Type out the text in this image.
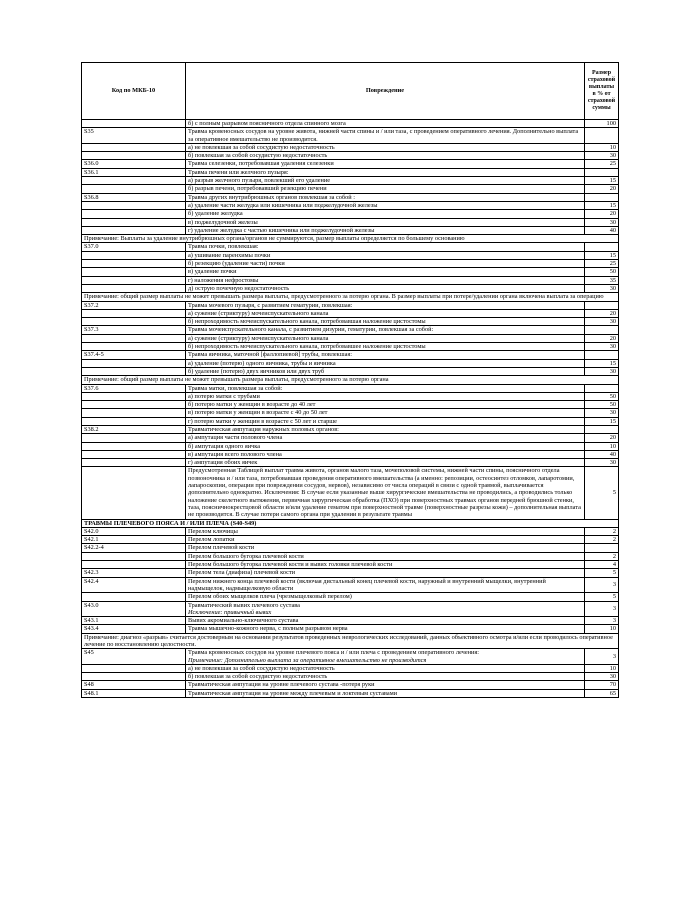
Код по МКБ-10	Повреждение	Размер страховой выплаты в % от страховой суммы

	б) с полным разрывом поясничного отдела спинного мозга	100
S35	Травма кровеносных сосудов на уровне живота, нижней части спины и / или таза, с проведением оперативного лечения. Дополнительно выплата за оперативное вмешательство не производится.	

	а) не повлекшая за собой сосудистую недостаточность	10

	б) повлекшая за собой сосудистую недостаточность	30
S36.0	Травма селезенки, потребовавшая удаления селезенки	25
S36.1	Травма печени или желчного пузыря:	

	а) разрыв желчного пузыря, повлекший его удаление	15

	б) разрыв печени, потребовавший резекцию печени	20
S36.8	Травма других внутрибрюшных органов повлекшая за собой :	

	а) удаление части желудка или кишечника или поджелудочной железы	15

	б) удаление желудка	20

	в) поджелудочной железы	30

	г) удаление желудка с частью кишечника или поджелудочной железы	40
Примечание: Выплаты за удаление внутрибрюшных органа/органов не суммируются, размер выплаты определяется по большему основанию		
S37.0	Травма почки, повлекшая:	

	а) ушивание паренхимы почки	15

	б) резекцию (удаление части) почки	25

	в) удаление почки	50

	г) наложения нефростомы	35

	д) острую почечную недостаточность	30
Примечание: общий размер выплаты не может превышать размера выплаты, предусмотренного за потерю органа. В размер выплаты при потере/удалении органа включена выплата за операцию		
S37.2	Травма мочевого пузыря, с развитием гематурии, повлекшая:	

	а) сужение (стриктуру) мочеиспускательного канала	20

	б) непроходимость мочеиспускательного канала, потребовавшая наложение цистостомы	30
S37.3	Травма мочеиспускательного канала, с развитием дизурии, гематурии, повлекшая за собой:	

	а) сужение (стриктуру) мочеиспускательного канала	20

	б) непроходимость мочеиспускательного канала, потребовавшее наложение цистостомы	30
S37.4-5	Травма яичника, маточной [фаллопиевой] трубы, повлекшая:	

	а) удаление (потерю) одного яичника, трубы и яичника	15

	б) удаление (потерю) двух яичников или двух труб	30
Примечание: общий размер выплаты не может превышать размера выплаты, предусмотренного за потерю органа		
S37.6	Травма матки, повлекшая за собой:	

	а) потерю матки с трубами	50

	б) потерю матки у женщин в возрасте до 40 лет	50

	в) потерю матки у женщин в возрасте с 40 до 50 лет	30

	г) потерю матки у женщин в возрасте с 50 лет и старше	15
S38.2	Травматическая ампутация наружных половых органов:	

	а) ампутация части полового члена	20

	б) ампутация одного яичка	10

	в) ампутация всего полового члена	40

	г) ампутация обоих яичек	30

	Предусмотренная Таблицей выплат травма живота, органов малого таза, мочеполовой системы, нижней части спины, поясничного отдела позвоночника и / или таза, потребовавшая проведения оперативного вмешательства (а именно: репозиции, остеосинтез отломков, лапаротомии, лапароскопии, операции при повреждении сосудов, нервов), независимо от числа операций в связи с одной травмой, выплачивается дополнительно однократно. Исключения: В случае если указанные выше хирургические вмешательства не проводились, а проводились только наложение скелетного вытяжения, первичная хирургическая обработка (ПХО) при поверхностных травмах органов передней брюшной стенки, таза, поясничнокрестцовой области и/или удаление гематом при поверхностной травме (поверхностные разрезы кожи) – дополнительная выплата не производится. В случае потери самого органа при удалении в результате травмы	5
ТРАВМЫ ПЛЕЧЕВОГО ПОЯСА И / ИЛИ ПЛЕЧА (S40-S49)		
S42.0	Перелом ключицы	2
S42.1	Перелом лопатки	2
S42.2-4	Перелом плечевой кости	

	Перелом большого бугорка плечевой кости	2

	Перелом большого бугорка плечевой кости и вывих головки плечевой кости	4
S42.3	Перелом тела (диафиза) плечевой кости	5
S42.4	Перелом нижнего конца плечевой кости (включая дистальный конец плечевой кости, наружный и внутренний мыщелки, внутренний надмыщелок, надмыщелковую области	3

	Перелом обоих мыщелков плеча (чрезмыщелковый перелом)	5
S43.0	Травматический вывих плечевого сустава
Исключение: привычный вывих	3
S43.1	Вывих акромиально-ключичного сустава	3
S43.4	Травма мышечно-кожного нерва, с полным разрывом нерва	10
Примечание: диагноз «разрыв» считается достоверным на основании результатов проведенных неврологических исследований, данных объективного осмотра и/или если проводилось оперативное лечение по восстановлению целостности.		
S45	Травма кровеносных сосудов на уровне плечевого пояса и / или плеча с проведением оперативного лечения:
Примечание: Дополнительно выплата за оперативное вмешательство не производится	3

	а) не повлекшая за собой сосудистую недостаточность	10

	б) повлекшая за собой сосудистую недостаточность	30
S48	Травматическая ампутация на уровне плечевого сустава -потеря руки	70
S48.1	Травматическая ампутация на уровне между плечевым и локтевым суставами	65
